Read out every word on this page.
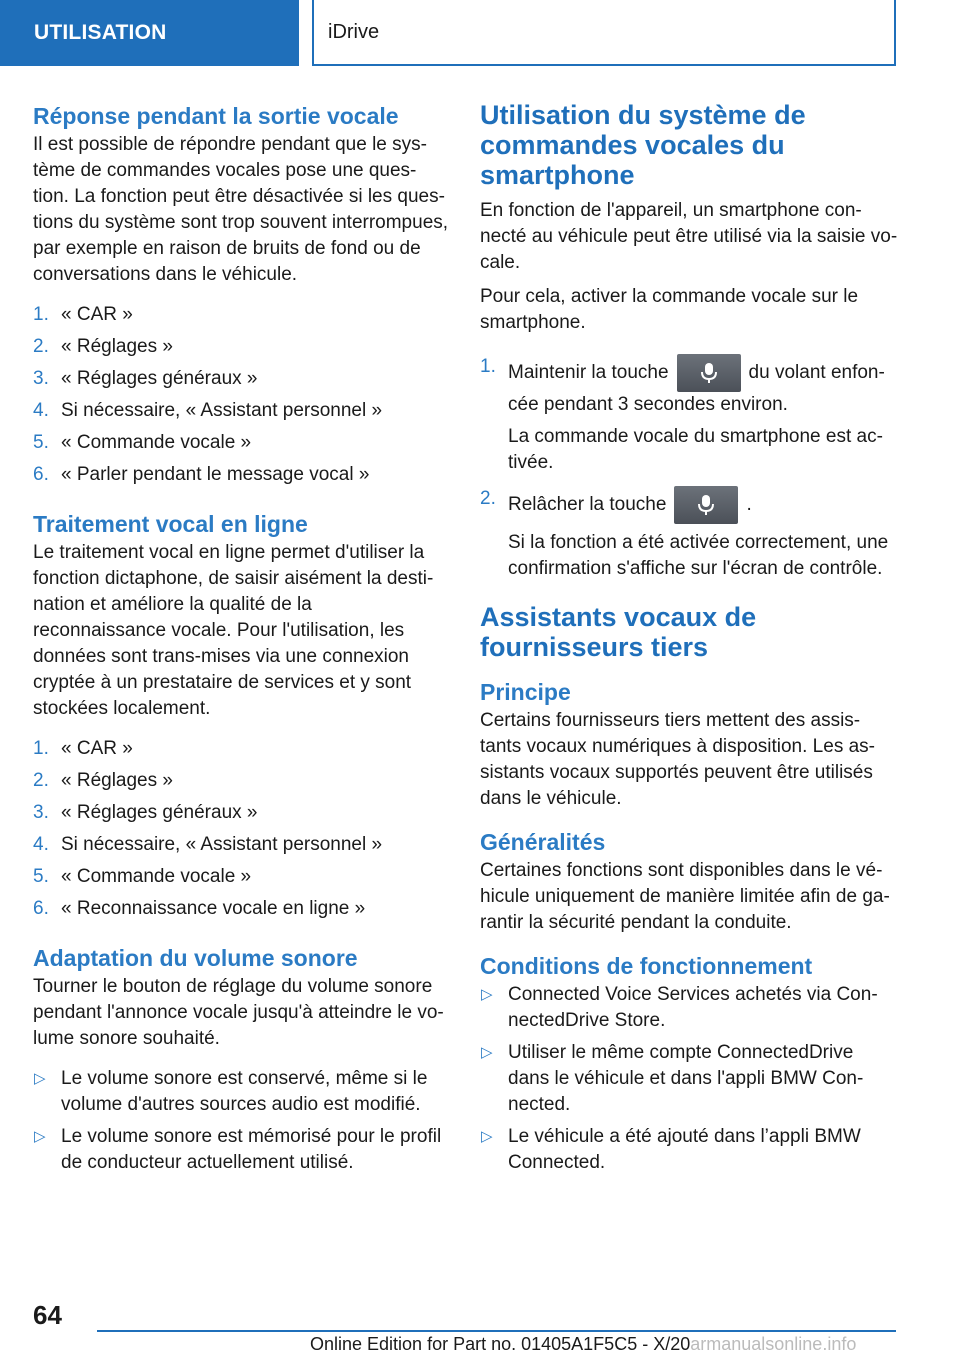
UTILISATION	iDrive
Réponse pendant la sortie vocale

Il est possible de répondre pendant que le sys-tème de commandes vocales pose une ques-tion. La fonction peut être désactivée si les ques-tions du système sont trop souvent interrompues, par exemple en raison de bruits de fond ou de conversations dans le véhicule.

1. « CAR »
2. « Réglages »
3. « Réglages généraux »
4. Si nécessaire, « Assistant personnel »
5. « Commande vocale »
6. « Parler pendant le message vocal »
Traitement vocal en ligne

Le traitement vocal en ligne permet d'utiliser la fonction dictaphone, de saisir aisément la desti-nation et améliore la qualité de la reconnaissance vocale. Pour l'utilisation, les données sont trans-mises via une connexion cryptée à un prestataire de services et y sont stockées localement.

1. « CAR »
2. « Réglages »
3. « Réglages généraux »
4. Si nécessaire, « Assistant personnel »
5. « Commande vocale »
6. « Reconnaissance vocale en ligne »
Adaptation du volume sonore

Tourner le bouton de réglage du volume sonore pendant l'annonce vocale jusqu'à atteindre le vo-lume sonore souhaité.

▷ Le volume sonore est conservé, même si le volume d'autres sources audio est modifié.
▷ Le volume sonore est mémorisé pour le profil de conducteur actuellement utilisé.
Utilisation du système de commandes vocales du smartphone

En fonction de l'appareil, un smartphone con-necté au véhicule peut être utilisé via la saisie vo-cale.

Pour cela, activer la commande vocale sur le smartphone.

1. Maintenir la touche	du volant enfon-cée pendant 3 secondes environ.
La commande vocale du smartphone est ac-tivée.
2. Relâcher la touche	.
Si la fonction a été activée correctement, une confirmation s'affiche sur l'écran de contrôle.
Assistants vocaux de fournisseurs tiers
Principe

Certains fournisseurs tiers mettent des assis-tants vocaux numériques à disposition. Les as-sistants vocaux supportés peuvent être utilisés dans le véhicule.

Généralités

Certaines fonctions sont disponibles dans le vé-hicule uniquement de manière limitée afin de ga-rantir la sécurité pendant la conduite.

Conditions de fonctionnement
▷ Connected Voice Services achetés via Con-nectedDrive Store.
▷ Utiliser le même compte ConnectedDrive dans le véhicule et dans l'appli BMW Con-nected.
▷ Le véhicule a été ajouté dans l’appli BMW Connected.
64
Online Edition for Part no. 01405A1F5C5 - X/20armanualsonline.info
